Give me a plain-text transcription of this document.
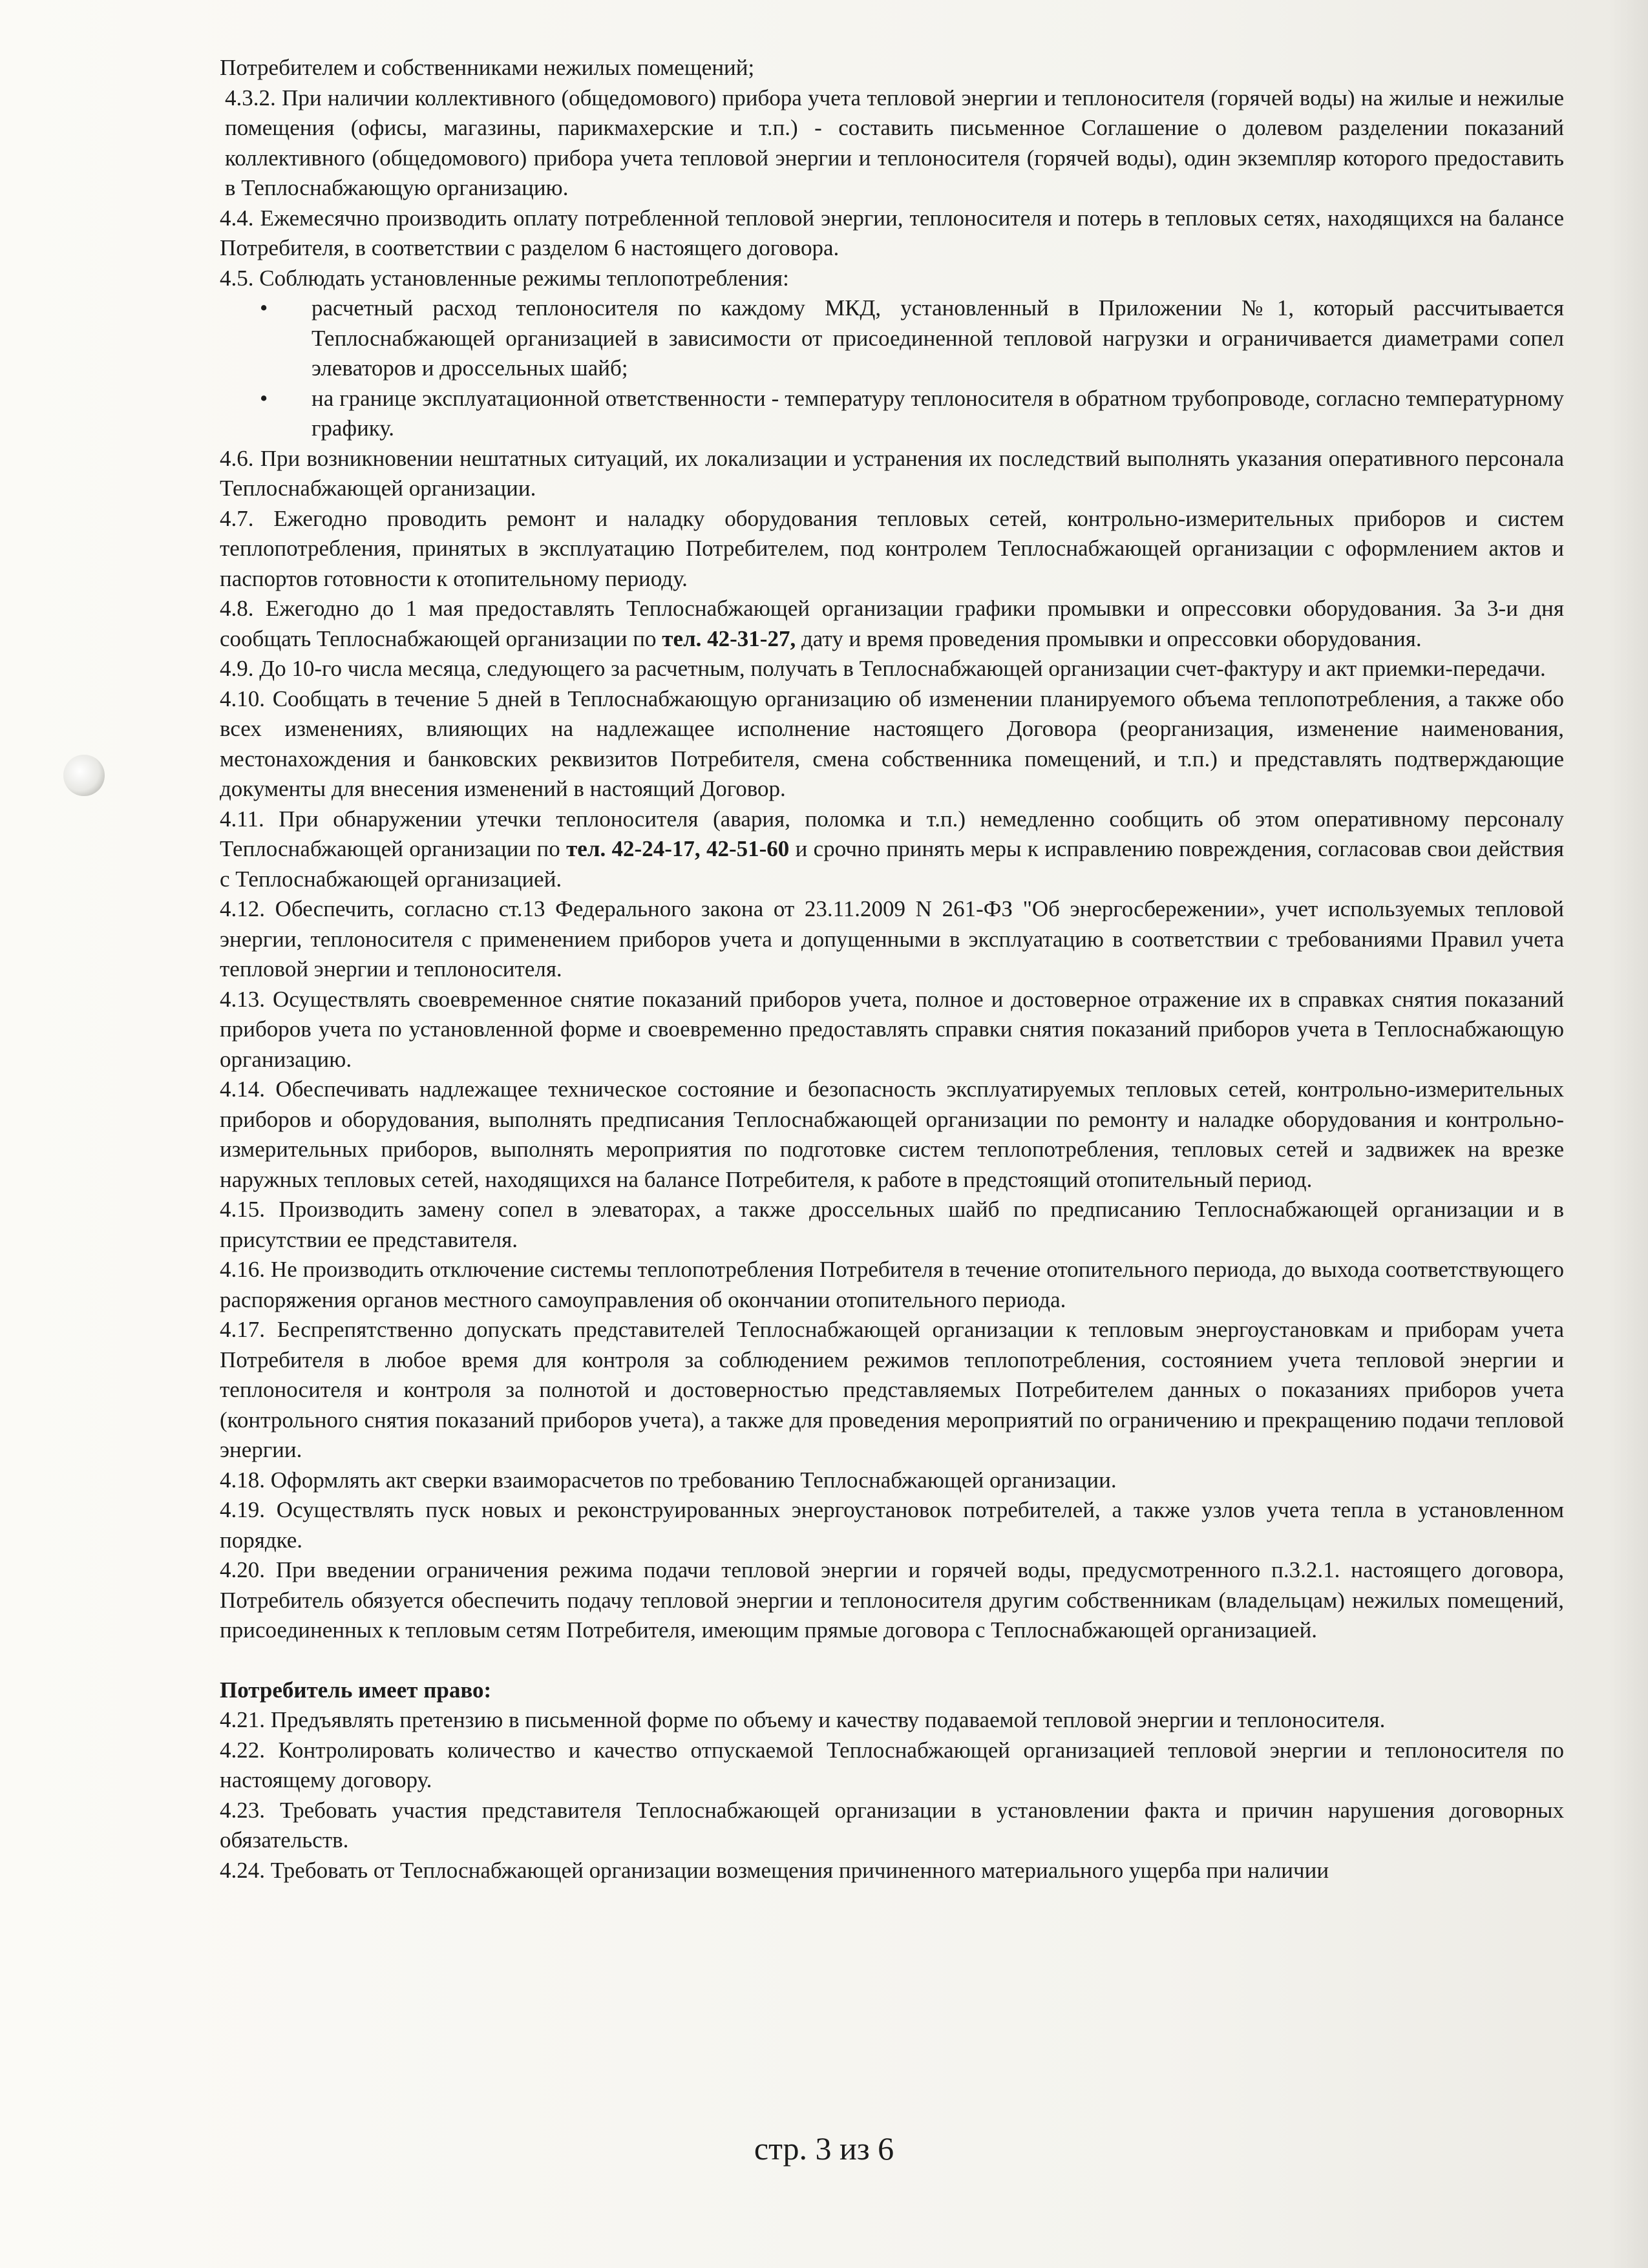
Потребителем и собственниками нежилых помещений;

4.3.2. При наличии коллективного (общедомового) прибора учета тепловой энергии и теплоносителя (горячей воды) на жилые и нежилые помещения (офисы, магазины, парикмахерские и т.п.) - составить письменное Соглашение о долевом разделении показаний коллективного (общедомового) прибора учета тепловой энергии и теплоносителя (горячей воды), один экземпляр которого предоставить в Теплоснабжающую организацию.

4.4. Ежемесячно производить оплату потребленной тепловой энергии, теплоносителя и потерь в тепловых сетях, находящихся на балансе Потребителя, в соответствии с разделом 6 настоящего договора.

4.5. Соблюдать установленные режимы теплопотребления:

• расчетный расход теплоносителя по каждому МКД, установленный в Приложении №1, который рассчитывается Теплоснабжающей организацией в зависимости от присоединенной тепловой нагрузки и ограничивается диаметрами сопел элеваторов и дроссельных шайб;
• на границе эксплуатационной ответственности - температуру теплоносителя в обратном трубопроводе, согласно температурному графику.

4.6. При возникновении нештатных ситуаций, их локализации и устранения их последствий выполнять указания оперативного персонала Теплоснабжающей организации.

4.7. Ежегодно проводить ремонт и наладку оборудования тепловых сетей, контрольно-измерительных приборов и систем теплопотребления, принятых в эксплуатацию Потребителем, под контролем Теплоснабжающей организации с оформлением актов и паспортов готовности к отопительному периоду.

4.8. Ежегодно до 1 мая предоставлять Теплоснабжающей организации графики промывки и опрессовки оборудования. За 3-и дня сообщать Теплоснабжающей организации по тел. 42-31-27, дату и время проведения промывки и опрессовки оборудования.

4.9. До 10-го числа месяца, следующего за расчетным, получать в Теплоснабжающей организации счет-фактуру и акт приемки-передачи.

4.10. Сообщать в течение 5 дней в Теплоснабжающую организацию об изменении планируемого объема теплопотребления, а также обо всех изменениях, влияющих на надлежащее исполнение настоящего Договора (реорганизация, изменение наименования, местонахождения и банковских реквизитов Потребителя, смена собственника помещений, и т.п.) и представлять подтверждающие документы для внесения изменений в настоящий Договор.

4.11. При обнаружении утечки теплоносителя (авария, поломка и т.п.) немедленно сообщить об этом оперативному персоналу Теплоснабжающей организации по тел. 42-24-17, 42-51-60 и срочно принять меры к исправлению повреждения, согласовав свои действия с Теплоснабжающей организацией.

4.12. Обеспечить, согласно ст.13 Федерального закона от 23.11.2009 N 261-ФЗ "Об энергосбережении», учет используемых тепловой энергии, теплоносителя с применением приборов учета и допущенными в эксплуатацию в соответствии с требованиями Правил учета тепловой энергии и теплоносителя.

4.13. Осуществлять своевременное снятие показаний приборов учета, полное и достоверное отражение их в справках снятия показаний приборов учета по установленной форме и своевременно предоставлять справки снятия показаний приборов учета в Теплоснабжающую организацию.

4.14. Обеспечивать надлежащее техническое состояние и безопасность эксплуатируемых тепловых сетей, контрольно-измерительных приборов и оборудования, выполнять предписания Теплоснабжающей организации по ремонту и наладке оборудования и контрольно-измерительных приборов, выполнять мероприятия по подготовке систем теплопотребления, тепловых сетей и задвижек на врезке наружных тепловых сетей, находящихся на балансе Потребителя, к работе в предстоящий отопительный период.

4.15. Производить замену сопел в элеваторах, а также дроссельных шайб по предписанию Теплоснабжающей организации и в присутствии ее представителя.

4.16. Не производить отключение системы теплопотребления Потребителя в течение отопительного периода, до выхода соответствующего распоряжения органов местного самоуправления об окончании отопительного периода.

4.17. Беспрепятственно допускать представителей Теплоснабжающей организации к тепловым энергоустановкам и приборам учета Потребителя в любое время для контроля за соблюдением режимов теплопотребления, состоянием учета тепловой энергии и теплоносителя и контроля за полнотой и достоверностью представляемых Потребителем данных о показаниях приборов учета (контрольного снятия показаний приборов учета), а также для проведения мероприятий по ограничению и прекращению подачи тепловой энергии.

4.18. Оформлять акт сверки взаиморасчетов по требованию Теплоснабжающей организации.

4.19. Осуществлять пуск новых и реконструированных энергоустановок потребителей, а также узлов учета тепла в установленном порядке.

4.20. При введении ограничения режима подачи тепловой энергии и горячей воды, предусмотренного п.3.2.1. настоящего договора, Потребитель обязуется обеспечить подачу тепловой энергии и теплоносителя другим собственникам (владельцам) нежилых помещений, присоединенных к тепловым сетям Потребителя, имеющим прямые договора с Теплоснабжающей организацией.

Потребитель имеет право:

4.21. Предъявлять претензию в письменной форме по объему и качеству подаваемой тепловой энергии и теплоносителя.

4.22. Контролировать количество и качество отпускаемой Теплоснабжающей организацией тепловой энергии и теплоносителя по настоящему договору.

4.23. Требовать участия представителя Теплоснабжающей организации в установлении факта и причин нарушения договорных обязательств.

4.24. Требовать от Теплоснабжающей организации возмещения причиненного материального ущерба при наличии

стр. 3 из 6
